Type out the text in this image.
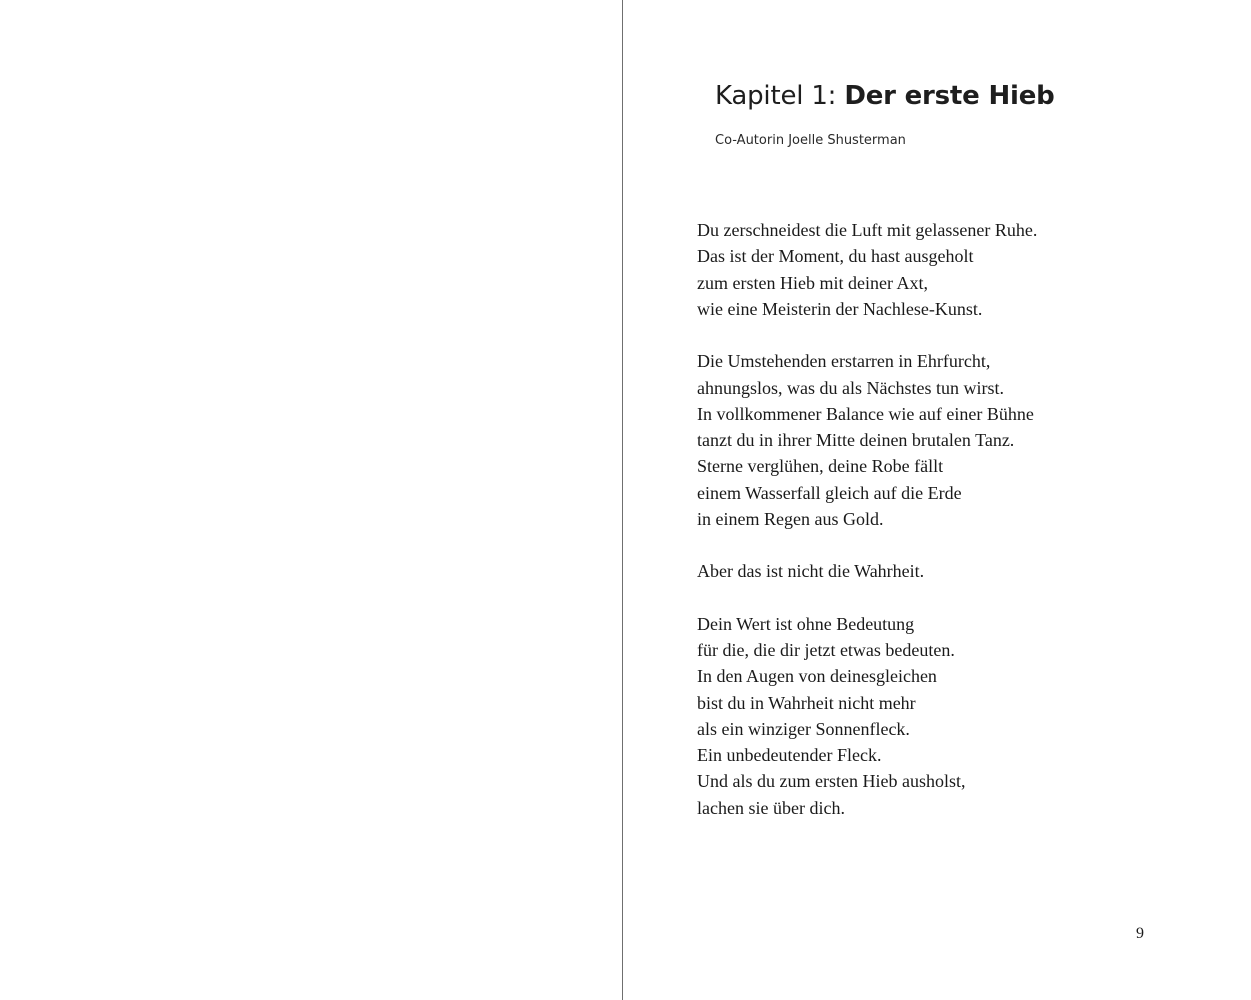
Kapitel 1: Der erste Hieb
Co-Autorin Joelle Shusterman

Du zerschneidest die Luft mit gelassener Ruhe.
Das ist der Moment, du hast ausgeholt
zum ersten Hieb mit deiner Axt,
wie eine Meisterin der Nachlese-Kunst.

Die Umstehenden erstarren in Ehrfurcht,
ahnungslos, was du als Nächstes tun wirst.
In vollkommener Balance wie auf einer Bühne
tanzt du in ihrer Mitte deinen brutalen Tanz.
Sterne verglühen, deine Robe fällt
einem Wasserfall gleich auf die Erde
in einem Regen aus Gold.

Aber das ist nicht die Wahrheit.

Dein Wert ist ohne Bedeutung
für die, die dir jetzt etwas bedeuten.
In den Augen von deinesgleichen
bist du in Wahrheit nicht mehr
als ein winziger Sonnenfleck.
Ein unbedeutender Fleck.
Und als du zum ersten Hieb ausholst,
lachen sie über dich.

9
